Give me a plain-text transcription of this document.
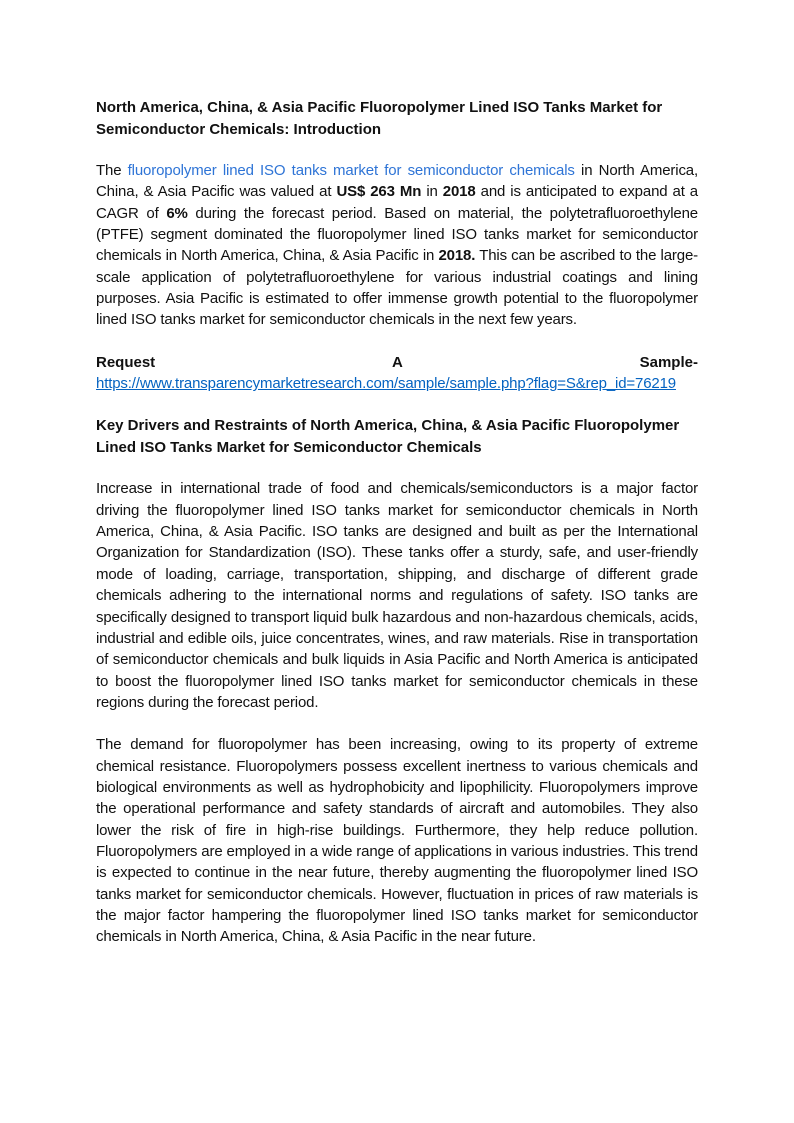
North America, China, & Asia Pacific Fluoropolymer Lined ISO Tanks Market for Semiconductor Chemicals: Introduction

The fluoropolymer lined ISO tanks market for semiconductor chemicals in North America, China, & Asia Pacific was valued at US$ 263 Mn in 2018 and is anticipated to expand at a CAGR of 6% during the forecast period. Based on material, the polytetrafluoroethylene (PTFE) segment dominated the fluoropolymer lined ISO tanks market for semiconductor chemicals in North America, China, & Asia Pacific in 2018. This can be ascribed to the large-scale application of polytetrafluoroethylene for various industrial coatings and lining purposes. Asia Pacific is estimated to offer immense growth potential to the fluoropolymer lined ISO tanks market for semiconductor chemicals in the next few years.

Request	A	Sample-
https://www.transparencymarketresearch.com/sample/sample.php?flag=S&rep_id=76219
Key Drivers and Restraints of North America, China, & Asia Pacific Fluoropolymer Lined ISO Tanks Market for Semiconductor Chemicals

Increase in international trade of food and chemicals/semiconductors is a major factor driving the fluoropolymer lined ISO tanks market for semiconductor chemicals in North America, China, & Asia Pacific. ISO tanks are designed and built as per the International Organization for Standardization (ISO). These tanks offer a sturdy, safe, and user-friendly mode of loading, carriage, transportation, shipping, and discharge of different grade chemicals adhering to the international norms and regulations of safety. ISO tanks are specifically designed to transport liquid bulk hazardous and non-hazardous chemicals, acids, industrial and edible oils, juice concentrates, wines, and raw materials. Rise in transportation of semiconductor chemicals and bulk liquids in Asia Pacific and North America is anticipated to boost the fluoropolymer lined ISO tanks market for semiconductor chemicals in these regions during the forecast period.

The demand for fluoropolymer has been increasing, owing to its property of extreme chemical resistance. Fluoropolymers possess excellent inertness to various chemicals and biological environments as well as hydrophobicity and lipophilicity. Fluoropolymers improve the operational performance and safety standards of aircraft and automobiles. They also lower the risk of fire in high-rise buildings. Furthermore, they help reduce pollution. Fluoropolymers are employed in a wide range of applications in various industries. This trend is expected to continue in the near future, thereby augmenting the fluoropolymer lined ISO tanks market for semiconductor chemicals. However, fluctuation in prices of raw materials is the major factor hampering the fluoropolymer lined ISO tanks market for semiconductor chemicals in North America, China, & Asia Pacific in the near future.
